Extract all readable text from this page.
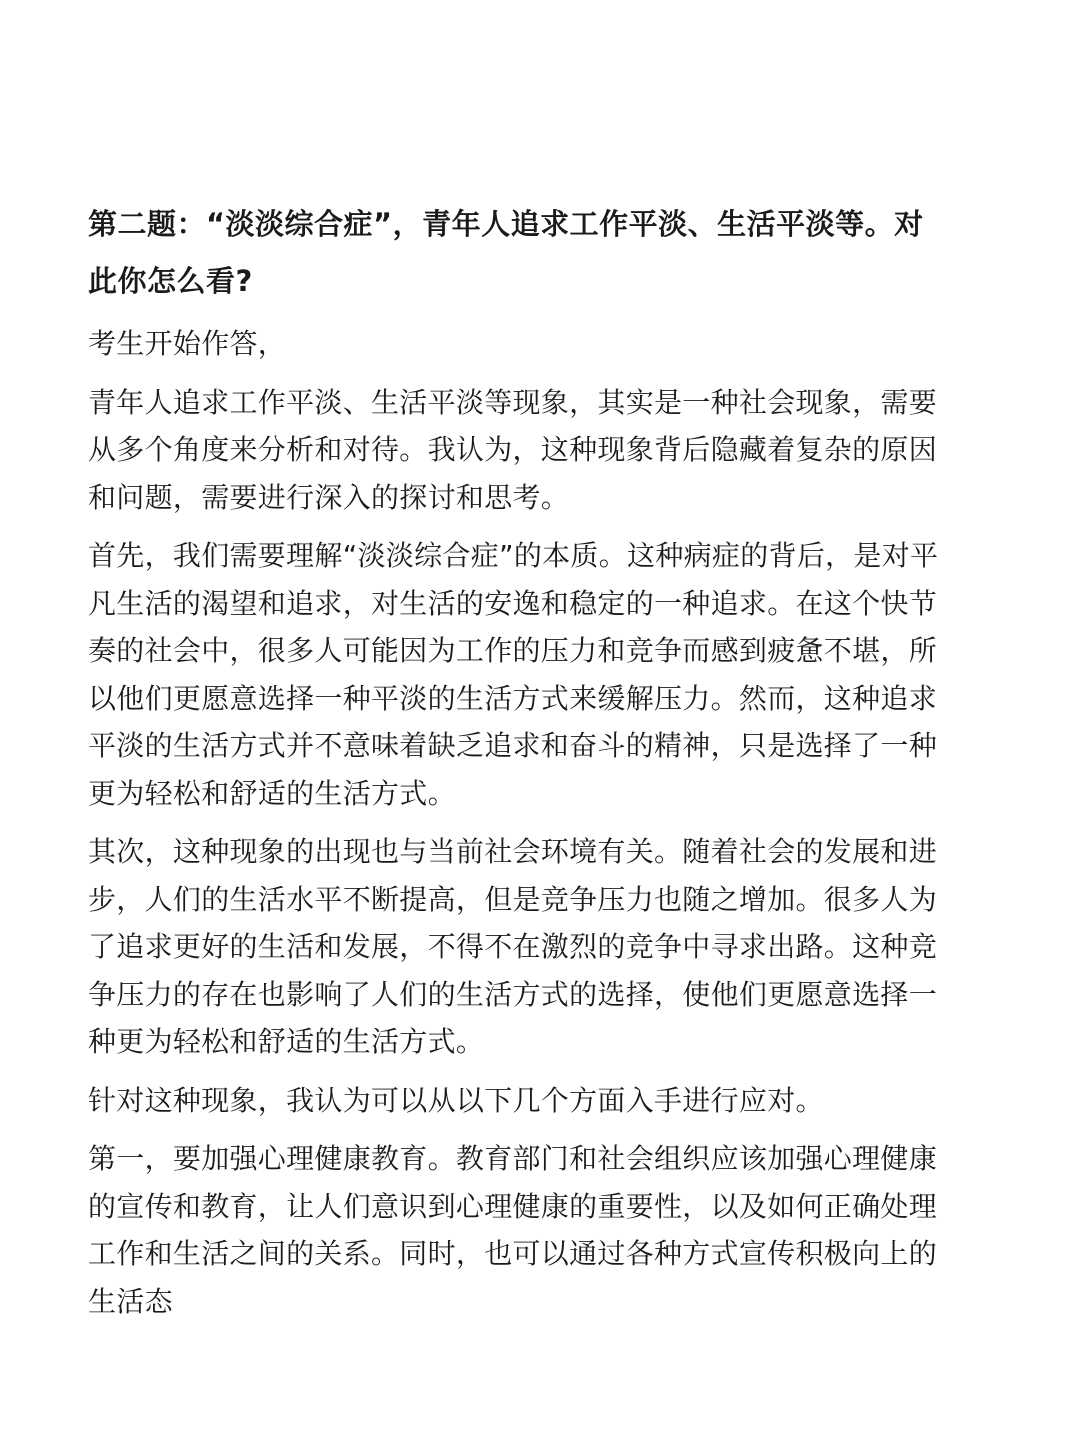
第二题：“淡淡综合症”，青年人追求工作平淡、生活平淡等。对此你怎么看?

考生开始作答，

青年人追求工作平淡、生活平淡等现象，其实是一种社会现象，需要从多个角度来分析和对待。我认为，这种现象背后隐藏着复杂的原因和问题，需要进行深入的探讨和思考。

首先，我们需要理解“淡淡综合症”的本质。这种病症的背后，是对平凡生活的渴望和追求，对生活的安逸和稳定的一种追求。在这个快节奏的社会中，很多人可能因为工作的压力和竞争而感到疲惫不堪，所以他们更愿意选择一种平淡的生活方式来缓解压力。然而，这种追求平淡的生活方式并不意味着缺乏追求和奋斗的精神，只是选择了一种更为轻松和舒适的生活方式。

其次，这种现象的出现也与当前社会环境有关。随着社会的发展和进步，人们的生活水平不断提高，但是竞争压力也随之增加。很多人为了追求更好的生活和发展，不得不在激烈的竞争中寻求出路。这种竞争压力的存在也影响了人们的生活方式的选择，使他们更愿意选择一种更为轻松和舒适的生活方式。

针对这种现象，我认为可以从以下几个方面入手进行应对。

第一，要加强心理健康教育。教育部门和社会组织应该加强心理健康的宣传和教育，让人们意识到心理健康的重要性，以及如何正确处理工作和生活之间的关系。同时，也可以通过各种方式宣传积极向上的生活态
